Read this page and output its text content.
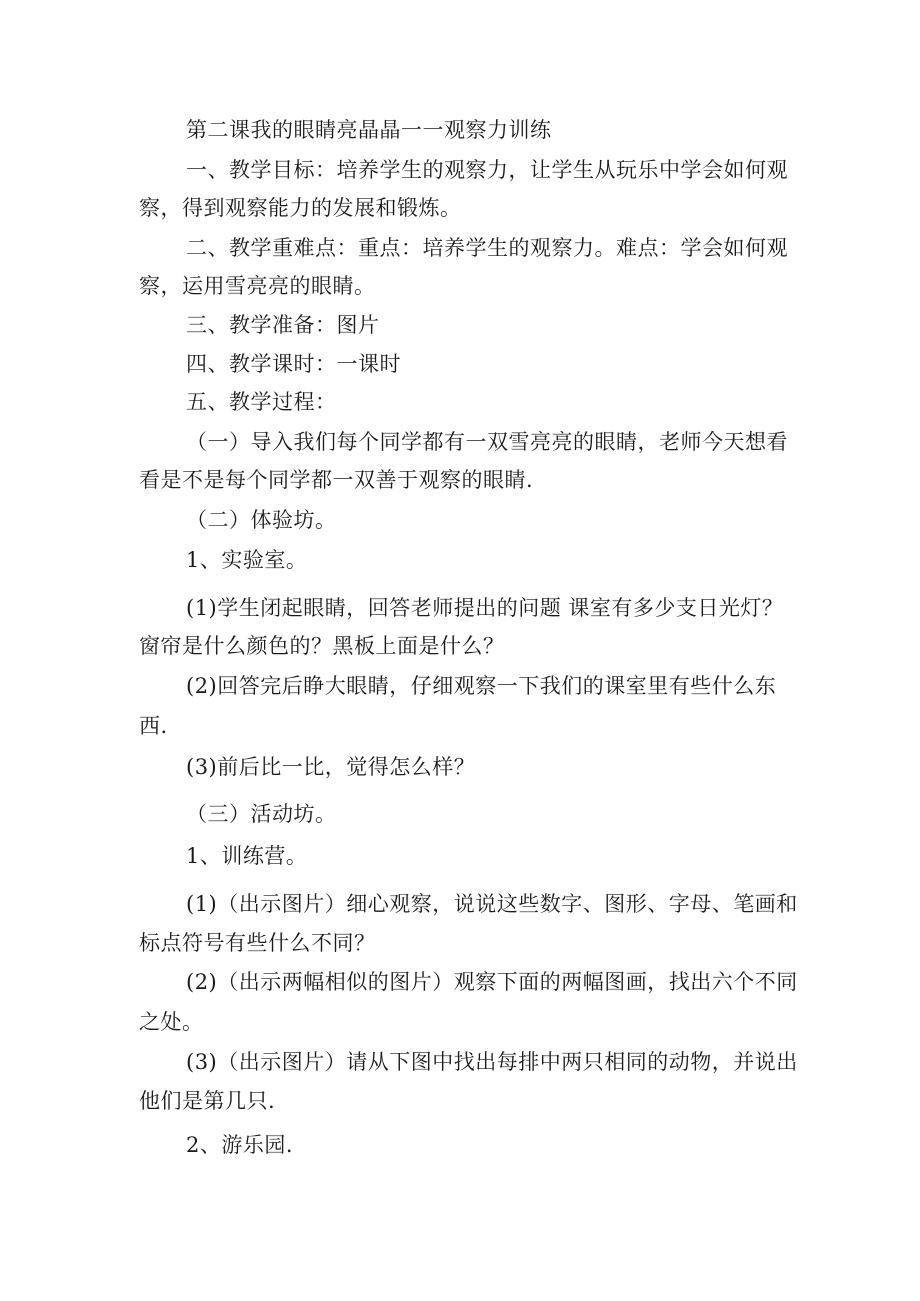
第二课我的眼睛亮晶晶一一观察力训练
一、教学目标：培养学生的观察力，让学生从玩乐中学会如何观
察，得到观察能力的发展和锻炼。
二、教学重难点：重点：培养学生的观察力。难点：学会如何观
察，运用雪亮亮的眼睛。
三、教学准备：图片
四、教学课时：一课时
五、教学过程：
（一）导入我们每个同学都有一双雪亮亮的眼睛，老师今天想看
看是不是每个同学都一双善于观察的眼睛.
（二）体验坊。
1、实验室。
(1)学生闭起眼睛，回答老师提出的问题 课室有多少支日光灯？
窗帘是什么颜色的？黑板上面是什么？
(2)回答完后睁大眼睛，仔细观察一下我们的课室里有些什么东
西.
(3)前后比一比，觉得怎么样？
（三）活动坊。
1、训练营。
(1)（出示图片）细心观察，说说这些数字、图形、字母、笔画和
标点符号有些什么不同？
(2)（出示两幅相似的图片）观察下面的两幅图画，找出六个不同
之处。
(3)（出示图片）请从下图中找出每排中两只相同的动物，并说出
他们是第几只.
2、游乐园.
